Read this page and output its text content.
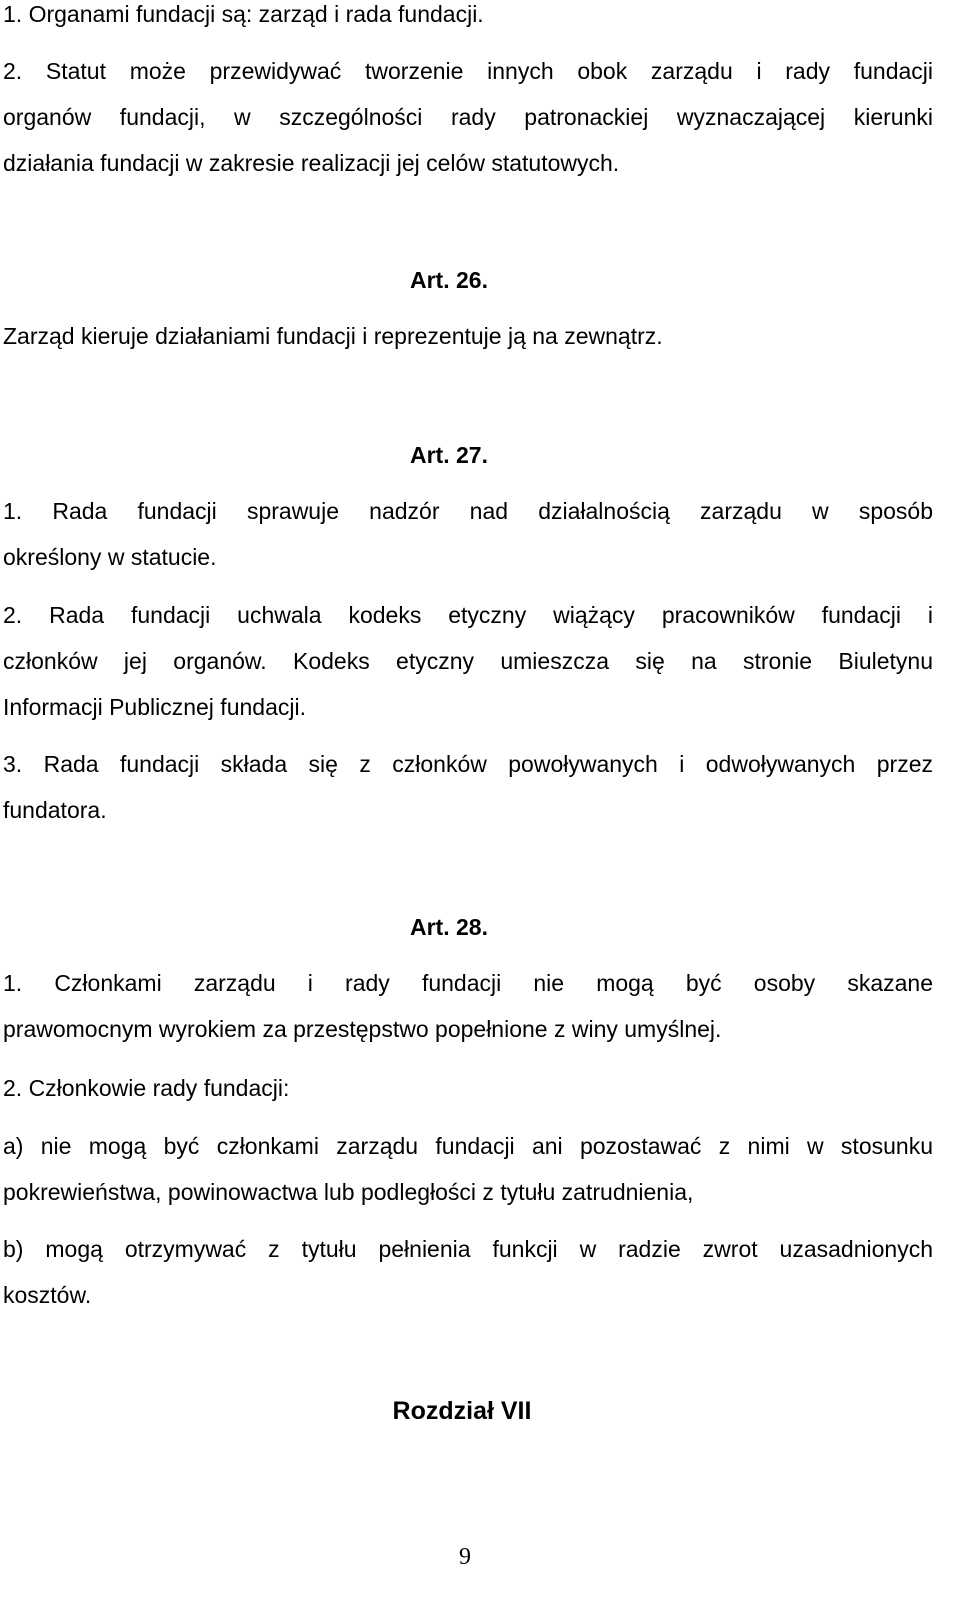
1. Organami fundacji są: zarząd i rada fundacji.
2. Statut może przewidywać tworzenie innych obok zarządu i rady fundacji
organów fundacji, w szczególności rady patronackiej wyznaczającej kierunki
działania fundacji w zakresie realizacji jej celów statutowych.
Art. 26.
Zarząd kieruje działaniami fundacji i reprezentuje ją na zewnątrz.
Art. 27.
1. Rada fundacji sprawuje nadzór nad działalnością zarządu w sposób
określony w statucie.
2. Rada fundacji uchwala kodeks etyczny wiążący pracowników fundacji i
członków jej organów. Kodeks etyczny umieszcza się na stronie Biuletynu
Informacji Publicznej fundacji.
3. Rada fundacji składa się z członków powoływanych i odwoływanych przez
fundatora.
Art. 28.
1. Członkami zarządu i rady fundacji nie mogą być osoby skazane
prawomocnym wyrokiem za przestępstwo popełnione z winy umyślnej.
2. Członkowie rady fundacji:
a) nie mogą być członkami zarządu fundacji ani pozostawać z nimi w stosunku
pokrewieństwa, powinowactwa lub podległości z tytułu zatrudnienia,
b) mogą otrzymywać z tytułu pełnienia funkcji w radzie zwrot uzasadnionych
kosztów.
Rozdział VII
9
